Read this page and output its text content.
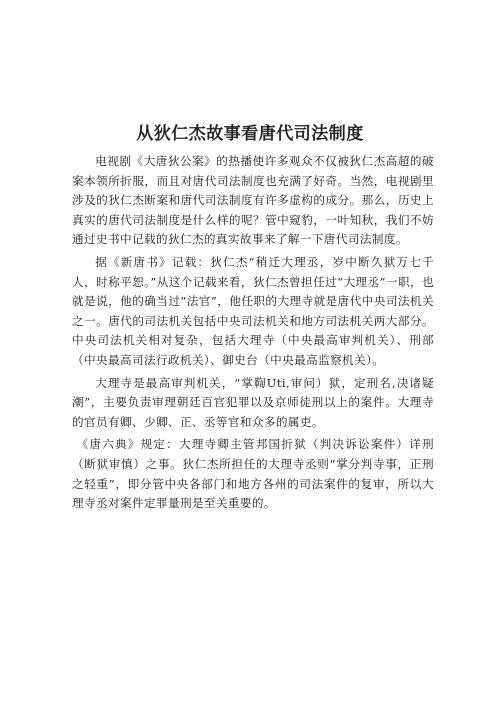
从狄仁杰故事看唐代司法制度

电视剧《大唐狄公案》的热播使许多观众不仅被狄仁杰高超的破案本领所折服，而且对唐代司法制度也充满了好奇。当然，电视剧里涉及的狄仁杰断案和唐代司法制度有许多虚构的成分。那么，历史上真实的唐代司法制度是什么样的呢？管中窥豹，一叶知秋，我们不妨通过史书中记载的狄仁杰的真实故事来了解一下唐代司法制度。

据《新唐书》记载：狄仁杰“稍迁大理丞，岁中断久狱万七千人，时称平恕。”从这个记载来看，狄仁杰曾担任过“大理丞”一职，也就是说，他的确当过“法官”，他任职的大理寺就是唐代中央司法机关之一。唐代的司法机关包括中央司法机关和地方司法机关两大部分。中央司法机关相对复杂，包括大理寺（中央最高审判机关）、刑部（中央最高司法行政机关）、御史台（中央最高监察机关）。

大理寺是最高审判机关，“掌鞫Uti,审问）狱，定刑名,决诸疑潮”，主要负责审理朝廷百官犯罪以及京师徒刑以上的案件。大理寺的官员有卿、少卿、正、丞等官和众多的属吏。

《唐六典》规定：大理寺卿主管邦国折狱（判决诉讼案件）详刑（断狱审慎）之事。狄仁杰所担任的大理寺丞则“掌分判寺事，正刑之轻重”，即分管中央各部门和地方各州的司法案件的复审，所以大理寺丞对案件定罪量刑是至关重要的。
